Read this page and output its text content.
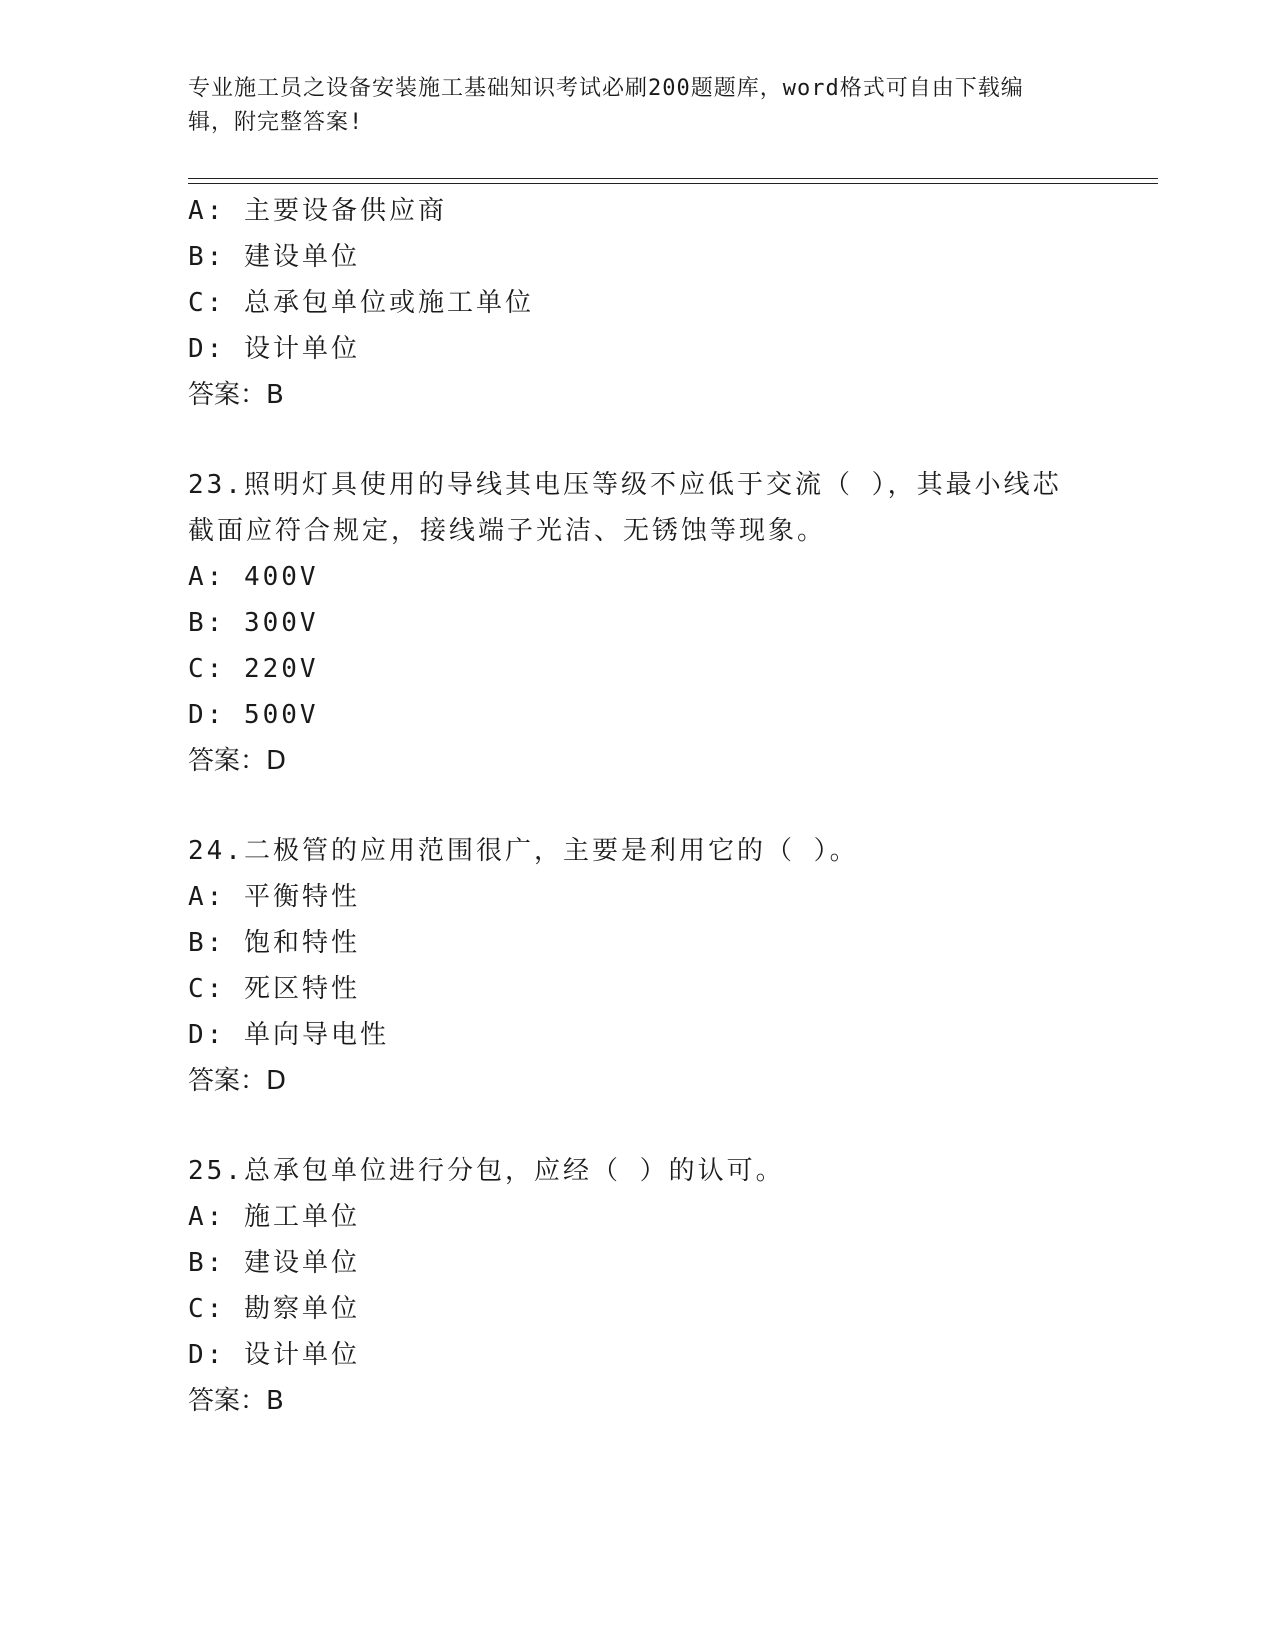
专业施工员之设备安装施工基础知识考试必刷200题题库，word格式可自由下载编辑，附完整答案!
A: 主要设备供应商
B: 建设单位
C: 总承包单位或施工单位
D: 设计单位
答案：B
23.照明灯具使用的导线其电压等级不应低于交流（ ），其最小线芯截面应符合规定，接线端子光洁、无锈蚀等现象。
A: 400V
B: 300V
C: 220V
D: 500V
答案：D
24.二极管的应用范围很广，主要是利用它的（ ）。
A: 平衡特性
B: 饱和特性
C: 死区特性
D: 单向导电性
答案：D
25.总承包单位进行分包，应经（ ）的认可。
A: 施工单位
B: 建设单位
C: 勘察单位
D: 设计单位
答案：B
